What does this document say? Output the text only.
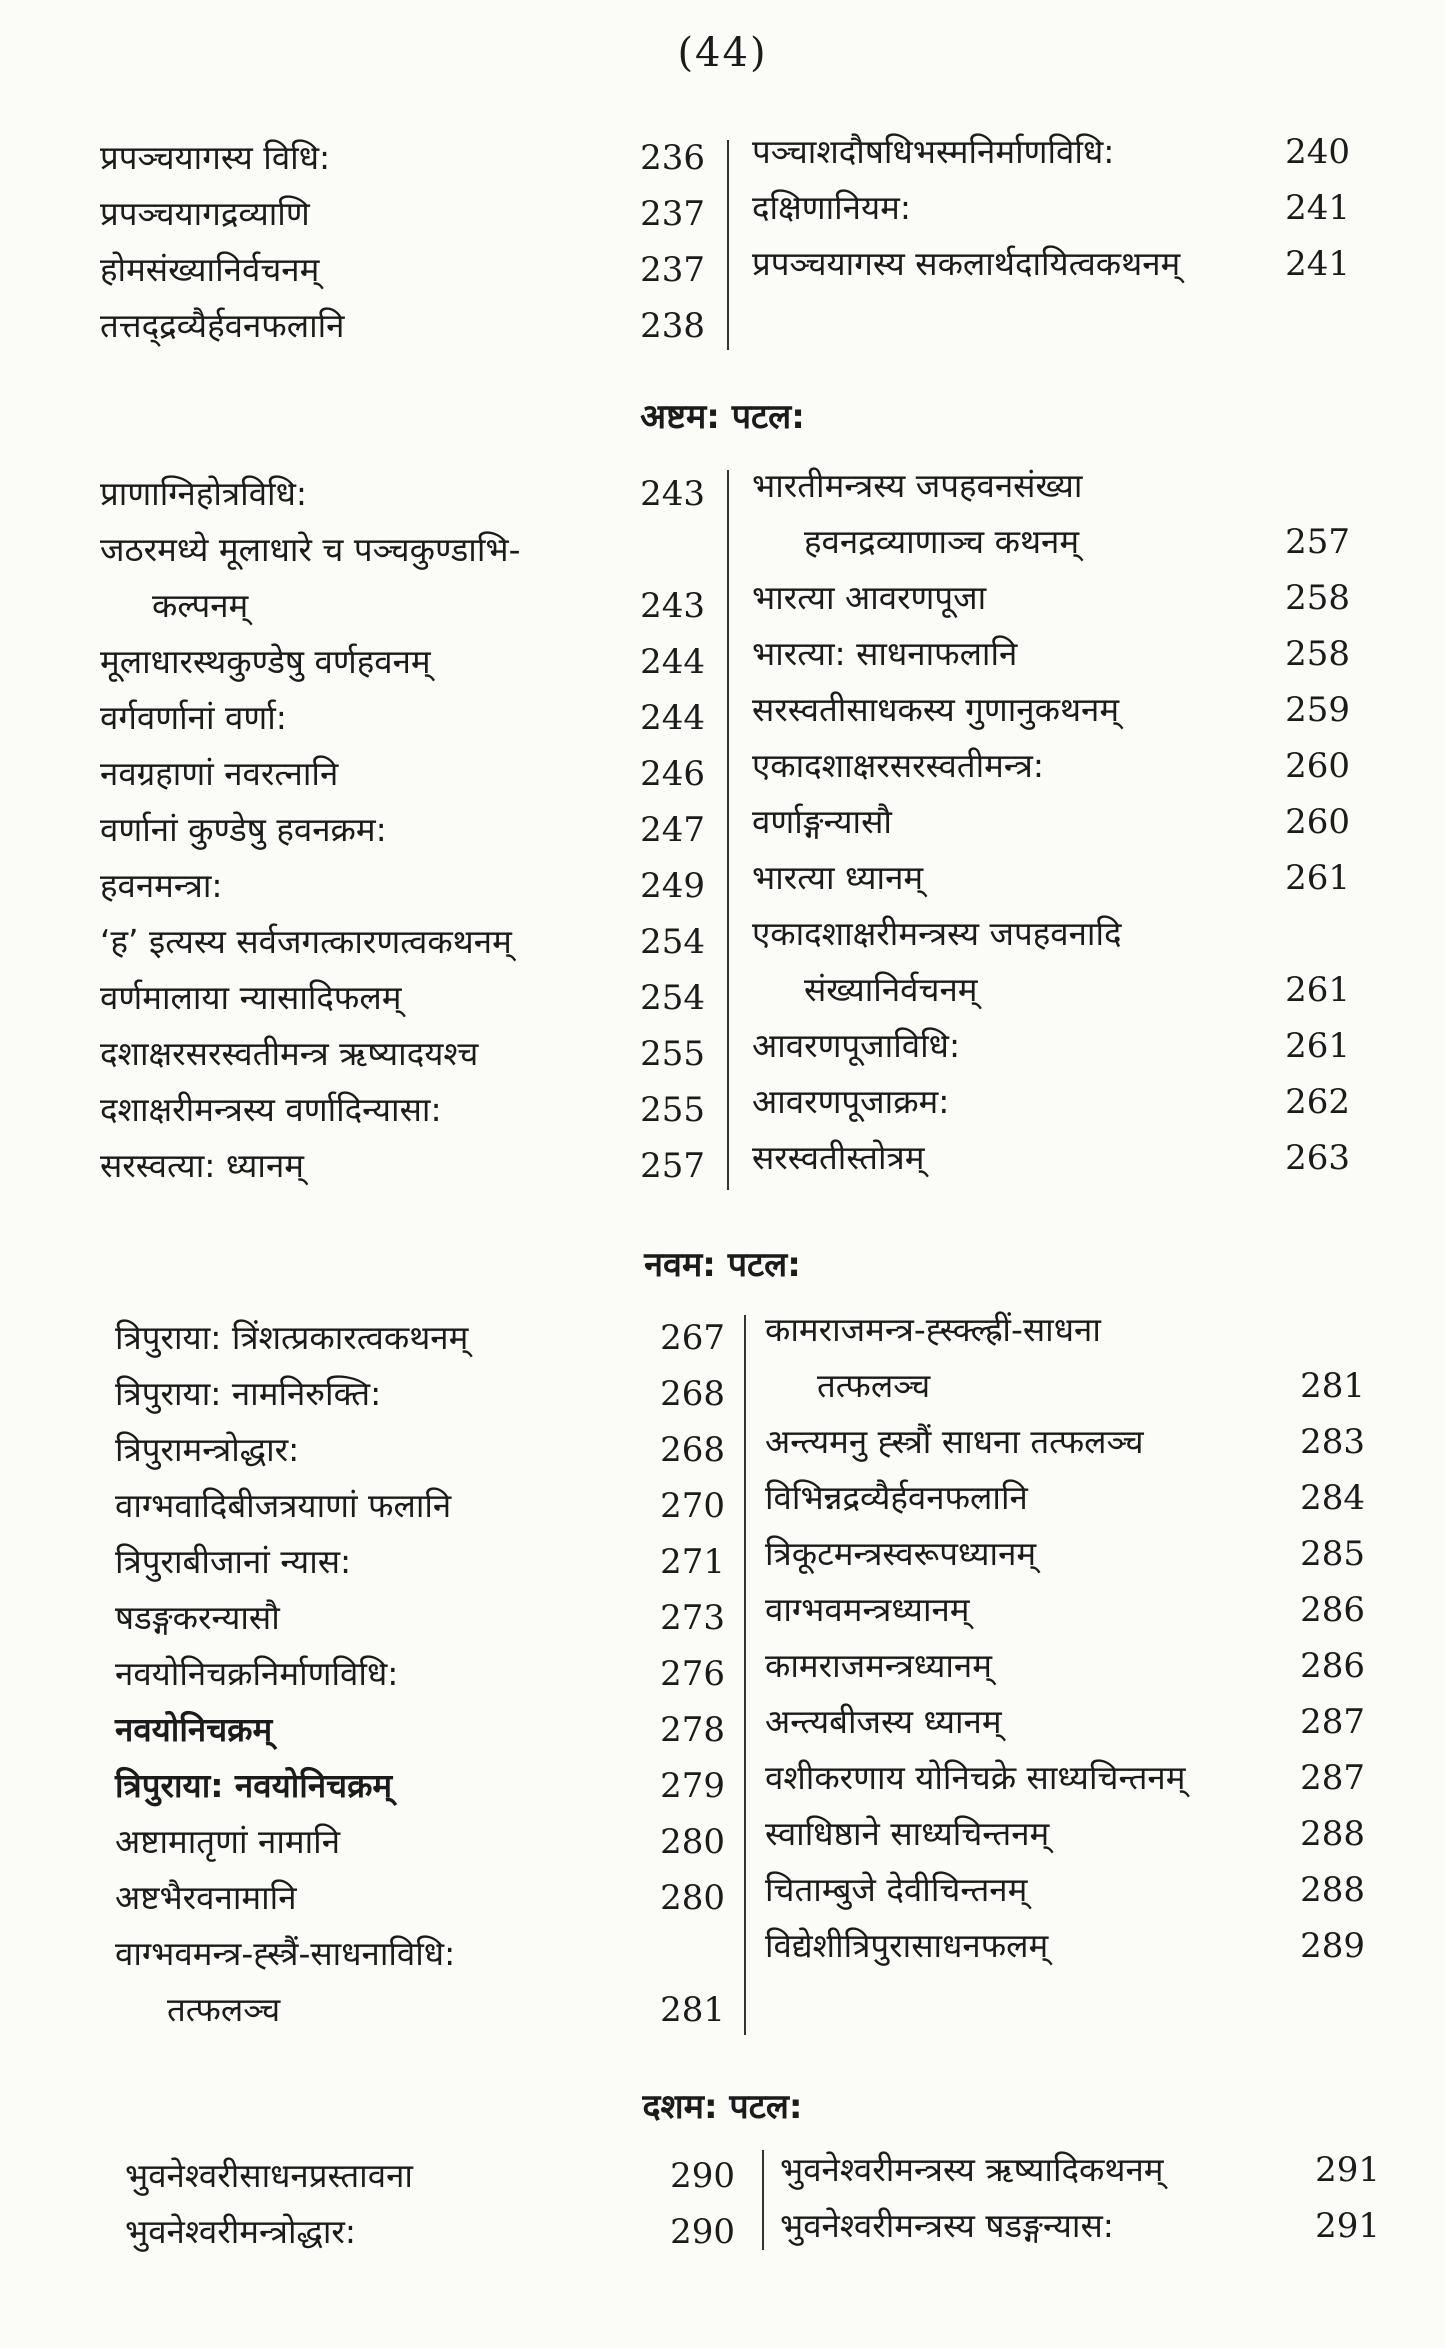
(44)
प्रपञ्चयागस्य विधि:	236
प्रपञ्चयागद्रव्याणि	237
होमसंख्यानिर्वचनम्	237
तत्तद्द्रव्यैर्हवनफलानि	238
पञ्चाशदौषधिभस्मनिर्माणविधि:	240
दक्षिणानियम:	241
प्रपञ्चयागस्य सकलार्थदायित्वकथनम्	241
अष्टम: पटल:
प्राणाग्निहोत्रविधि:	243
जठरमध्ये मूलाधारे च पञ्चकुण्डाभि-
कल्पनम्	243
मूलाधारस्थकुण्डेषु वर्णहवनम्	244
वर्गवर्णानां वर्णा:	244
नवग्रहाणां नवरत्नानि	246
वर्णानां कुण्डेषु हवनक्रम:	247
हवनमन्त्रा:	249
‘ह’ इत्यस्य सर्वजगत्कारणत्वकथनम्	254
वर्णमालाया न्यासादिफलम्	254
दशाक्षरसरस्वतीमन्त्र ऋष्यादयश्च	255
दशाक्षरीमन्त्रस्य वर्णादिन्यासा:	255
सरस्वत्या: ध्यानम्	257
भारतीमन्त्रस्य जपहवनसंख्या
हवनद्रव्याणाञ्च कथनम्	257
भारत्या आवरणपूजा	258
भारत्या: साधनाफलानि	258
सरस्वतीसाधकस्य गुणानुकथनम्	259
एकादशाक्षरसरस्वतीमन्त्र:	260
वर्णाङ्गन्यासौ	260
भारत्या ध्यानम्	261
एकादशाक्षरीमन्त्रस्य जपहवनादि
संख्यानिर्वचनम्	261
आवरणपूजाविधि:	261
आवरणपूजाक्रम:	262
सरस्वतीस्तोत्रम्	263
नवम: पटल:
त्रिपुराया: त्रिंशत्प्रकारत्वकथनम्	267
त्रिपुराया: नामनिरुक्ति:	268
त्रिपुरामन्त्रोद्धार:	268
वाग्भवादिबीजत्रयाणां फलानि	270
त्रिपुराबीजानां न्यास:	271
षडङ्गकरन्यासौ	273
नवयोनिचक्रनिर्माणविधि:	276
नवयोनिचक्रम्	278
त्रिपुराया: नवयोनिचक्रम्	279
अष्टामातृणां नामानि	280
अष्टभैरवनामानि	280
वाग्भवमन्त्र-ह्स्त्रैं-साधनाविधि:
तत्फलञ्च	281
कामराजमन्त्र-ह्स्क्ल्ह्रीं-साधना
तत्फलञ्च	281
अन्त्यमनु ह्स्त्रौं साधना तत्फलञ्च	283
विभिन्नद्रव्यैर्हवनफलानि	284
त्रिकूटमन्त्रस्वरूपध्यानम्	285
वाग्भवमन्त्रध्यानम्	286
कामराजमन्त्रध्यानम्	286
अन्त्यबीजस्य ध्यानम्	287
वशीकरणाय योनिचक्रे साध्यचिन्तनम्	287
स्वाधिष्ठाने साध्यचिन्तनम्	288
चिताम्बुजे देवीचिन्तनम्	288
विद्येशीत्रिपुरासाधनफलम्	289
दशम: पटल:
भुवनेश्वरीसाधनप्रस्तावना	290
भुवनेश्वरीमन्त्रोद्धार:	290
भुवनेश्वरीमन्त्रस्य ऋष्यादिकथनम्	291
भुवनेश्वरीमन्त्रस्य षडङ्गन्यास:	291
